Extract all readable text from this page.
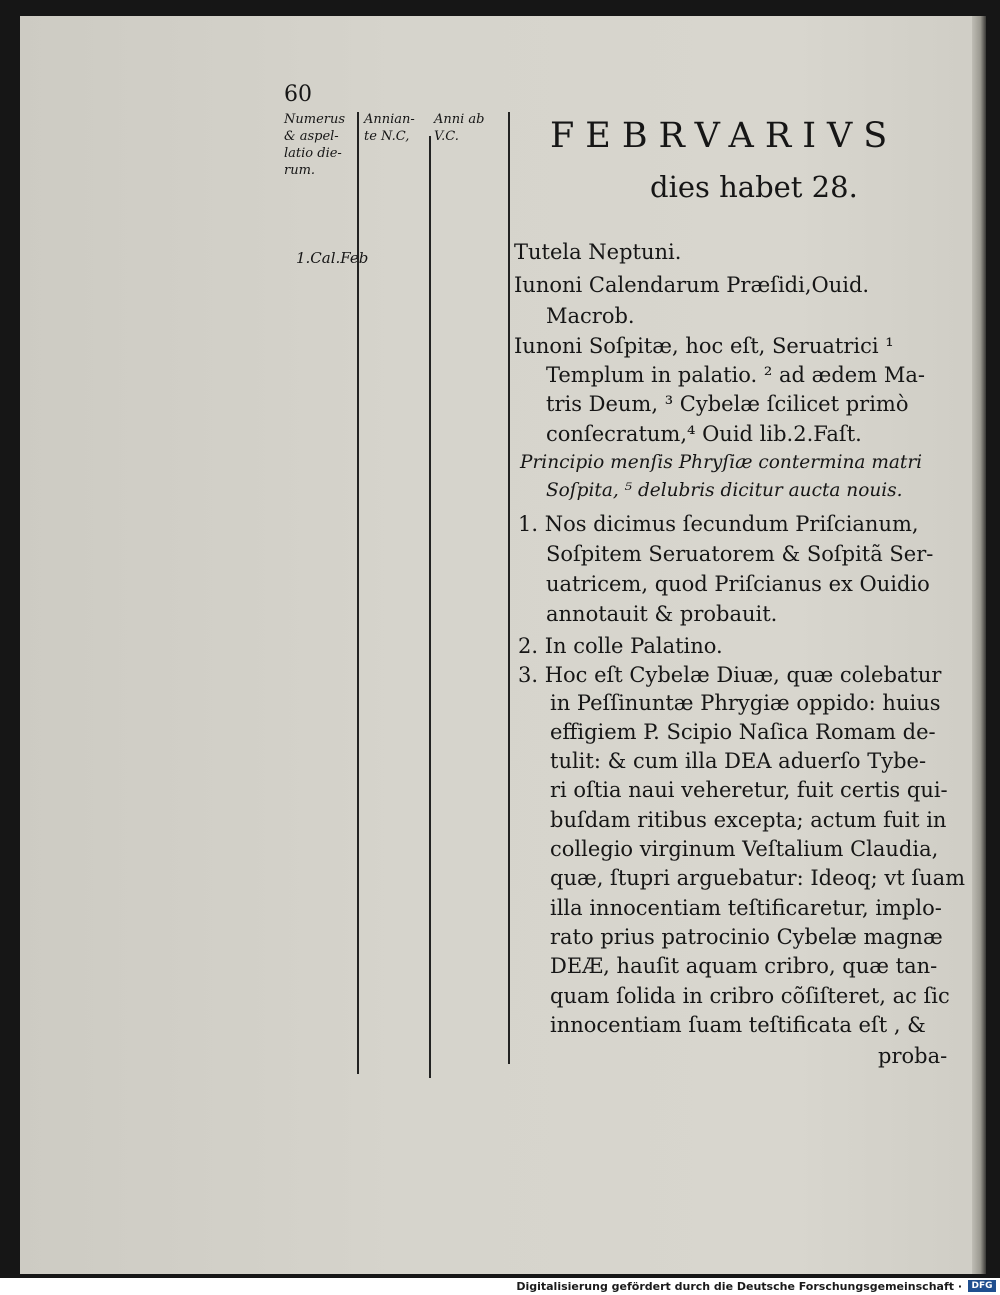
60
Numerus
& aspel-
latio die-
rum.
Annian-
te N.C,
Anni ab
V.C.	FEBRVARIVS
dies habet 28.
1.Cal.Feb	Tutela Neptuni.
Iunoni Calendarum Præſidi,Ouid.
Macrob.
Iunoni Soſpitæ, hoc eſt, Seruatrici ¹
Templum in palatio. ² ad ædem Ma-
tris Deum, ³ Cybelæ ſcilicet primò
conſecratum,⁴ Ouid lib.2.Faſt.
Principio menſis Phryſiæ contermina matri
Soſpita, ⁵ delubris dicitur aucta nouis.
1. Nos dicimus ſecundum Priſcianum,
Soſpitem Seruatorem & Soſpitã Ser-
uatricem, quod Priſcianus ex Ouidio
annotauit & probauit.
2. In colle Palatino.
3. Hoc eſt Cybelæ Diuæ, quæ colebatur
in Peſſinuntæ Phrygiæ oppido: huius
effigiem P. Scipio Naſica Romam de-
tulit: & cum illa DEA aduerſo Tybe-
ri oſtia naui veheretur, fuit certis qui-
buſdam ritibus excepta; actum fuit in
collegio virginum Veſtalium Claudia,
quæ, ſtupri arguebatur: Ideoq; vt ſuam
illa innocentiam teſtificaretur, implo-
rato prius patrocinio Cybelæ magnæ
DEÆ, hauſit aquam cribro, quæ tan-
quam ſolida in cribro cõſiſteret, ac ſic
innocentiam ſuam teſtificata eſt , &
proba-
Digitalisierung gefördert durch die Deutsche Forschungsgemeinschaft ·	DFG
